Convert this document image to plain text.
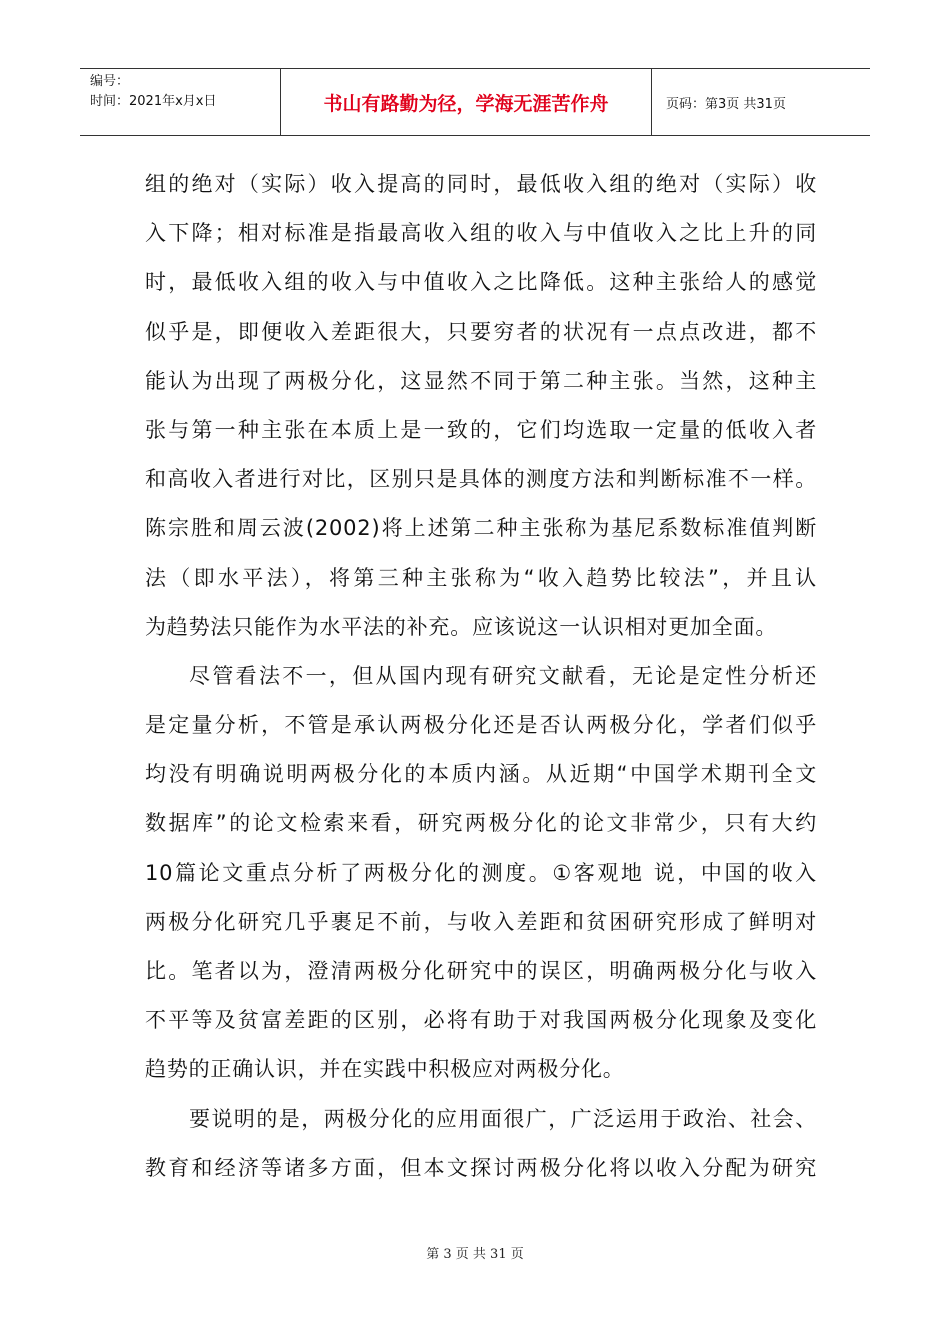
编号：
时间：2021年x月x日	书山有路勤为径，学海无涯苦作舟	页码：第3页 共31页
组的绝对（实际）收入提高的同时，最低收入组的绝对（实际）收
入下降；相对标准是指最高收入组的收入与中值收入之比上升的同
时，最低收入组的收入与中值收入之比降低。这种主张给人的感觉
似乎是，即便收入差距很大，只要穷者的状况有一点点改进，都不
能认为出现了两极分化，这显然不同于第二种主张。当然，这种主
张与第一种主张在本质上是一致的，它们均选取一定量的低收入者
和高收入者进行对比，区别只是具体的测度方法和判断标准不一样。
陈宗胜和周云波(2002)将上述第二种主张称为基尼系数标准值判断
法（即水平法），将第三种主张称为“收入趋势比较法”，并且认
为趋势法只能作为水平法的补充。应该说这一认识相对更加全面。
尽管看法不一，但从国内现有研究文献看，无论是定性分析还
是定量分析，不管是承认两极分化还是否认两极分化，学者们似乎
均没有明确说明两极分化的本质内涵。从近期“中国学术期刊全文
数据库”的论文检索来看，研究两极分化的论文非常少，只有大约
10篇论文重点分析了两极分化的测度。①客观地 说，中国的收入
两极分化研究几乎裹足不前，与收入差距和贫困研究形成了鲜明对
比。笔者以为，澄清两极分化研究中的误区，明确两极分化与收入
不平等及贫富差距的区别，必将有助于对我国两极分化现象及变化
趋势的正确认识，并在实践中积极应对两极分化。
要说明的是，两极分化的应用面很广，广泛运用于政治、社会、
教育和经济等诸多方面，但本文探讨两极分化将以收入分配为研究
第 3 页 共 31 页
